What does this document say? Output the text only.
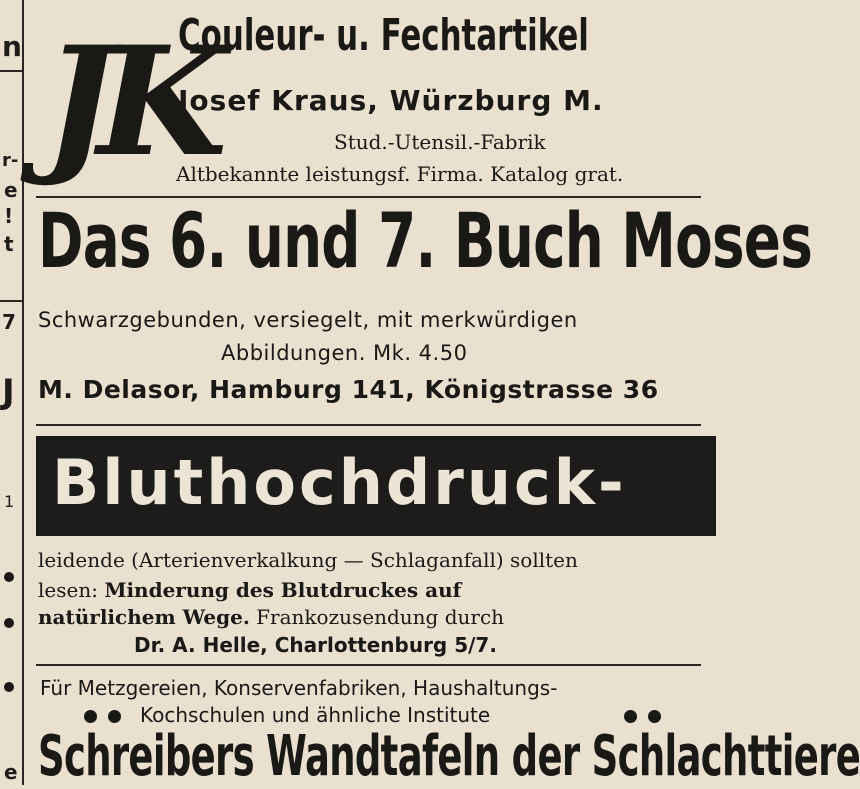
n
r-
e
!
t
7
J
1
e
JK
Couleur- u. Fechtartikel
Josef Kraus, Würzburg M.
Stud.-Utensil.-Fabrik
Altbekannte leistungsf. Firma. Katalog grat.
Das 6. und 7. Buch Moses
Schwarzgebunden, versiegelt, mit merkwürdigen
Abbildungen. Mk. 4.50
M. Delasor, Hamburg 141, Königstrasse 36
Bluthochdruck-
leidende (Arterienverkalkung — Schlaganfall) sollten
lesen: Minderung des Blutdruckes auf
natürlichem Wege. Frankozusendung durch
Dr. A. Helle, Charlottenburg 5/7.
Für Metzgereien, Konservenfabriken, Haushaltungs-
Kochschulen und ähnliche Institute
Schreibers Wandtafeln der Schlachttiere
